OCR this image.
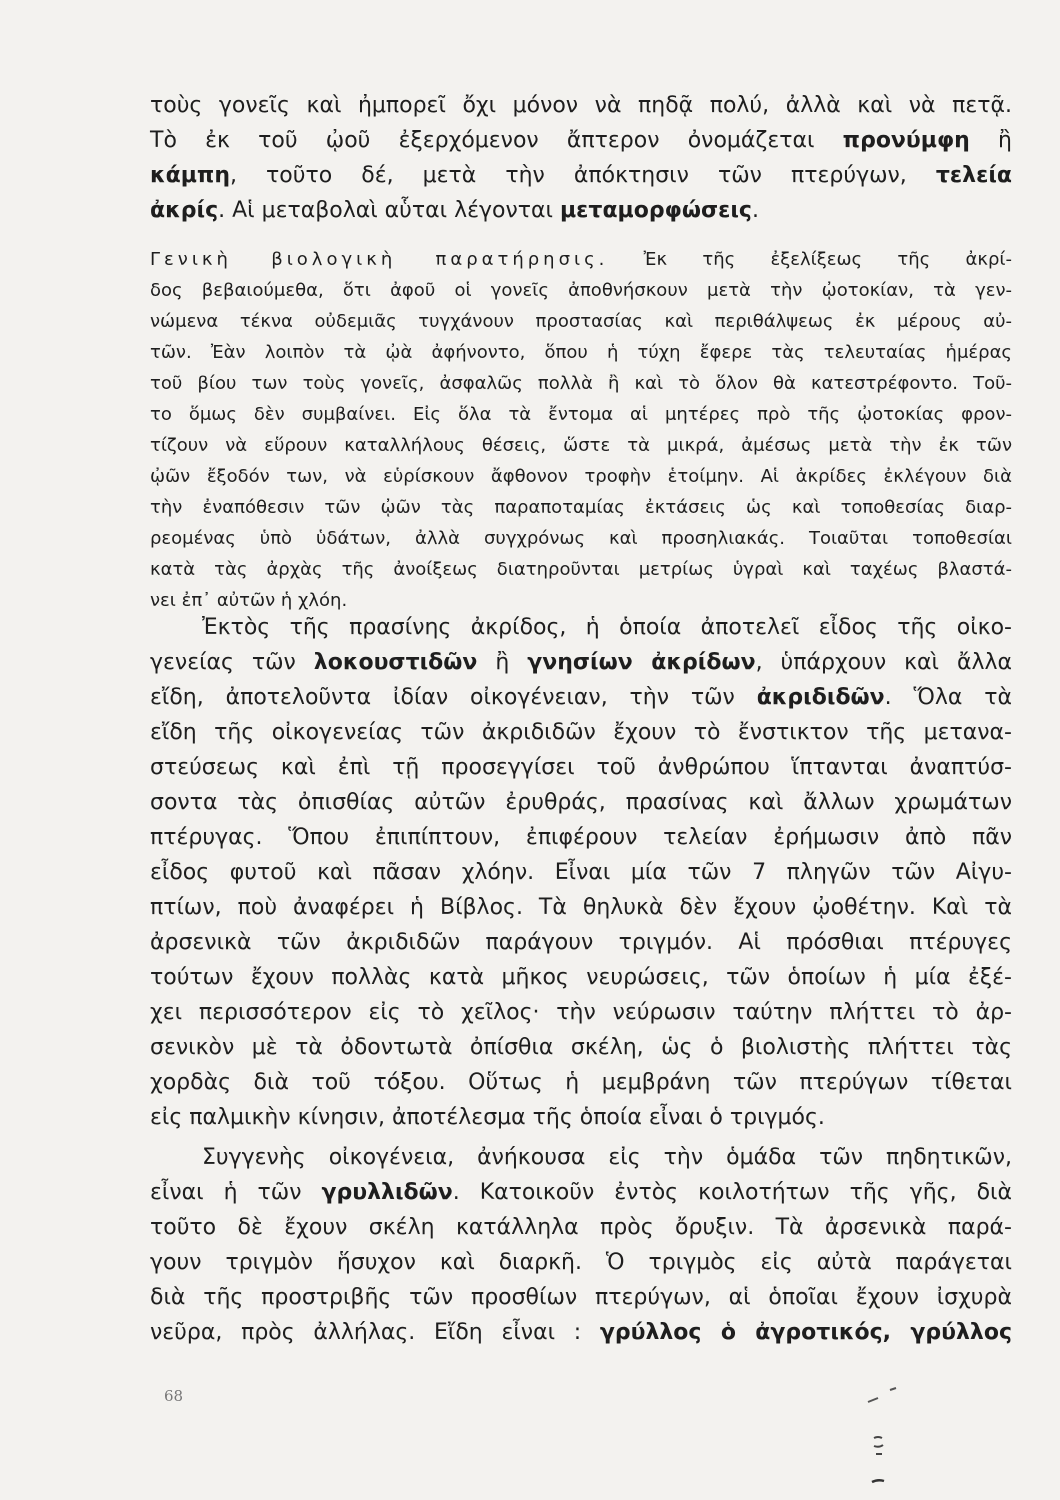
τοὺς γονεῖς καὶ ἠμπορεῖ ὄχι μόνον νὰ πηδᾷ πολύ, ἀλλὰ καὶ νὰ πετᾷ.
Τὸ ἐκ τοῦ ᾠοῦ ἐξερχόμενον ἄπτερον ὀνομάζεται προνύμφη ἢ
κάμπη, τοῦτο δέ, μετὰ τὴν ἀπόκτησιν τῶν πτερύγων, τελεία
ἀκρίς. Αἱ μεταβολαὶ αὗται λέγονται μεταμορφώσεις.
Γενικὴ βιολογικὴ παρατήρησις. Ἐκ τῆς ἐξελίξεως τῆς ἀκρί-
δος βεβαιούμεθα, ὅτι ἀφοῦ οἱ γονεῖς ἀποθνήσκουν μετὰ τὴν ᾠοτοκίαν, τὰ γεν-
νώμενα τέκνα οὐδεμιᾶς τυγχάνουν προστασίας καὶ περιθάλψεως ἐκ μέρους αὐ-
τῶν. Ἐὰν λοιπὸν τὰ ᾠὰ ἀφήνοντο, ὅπου ἡ τύχη ἔφερε τὰς τελευταίας ἡμέρας
τοῦ βίου των τοὺς γονεῖς, ἀσφαλῶς πολλὰ ἢ καὶ τὸ ὅλον θὰ κατεστρέφοντο. Τοῦ-
το ὅμως δὲν συμβαίνει. Εἰς ὅλα τὰ ἔντομα αἱ μητέρες πρὸ τῆς ᾠοτοκίας φρον-
τίζουν νὰ εὕρουν καταλλήλους θέσεις, ὥστε τὰ μικρά, ἀμέσως μετὰ τὴν ἐκ τῶν
ᾠῶν ἔξοδόν των, νὰ εὑρίσκουν ἄφθονον τροφὴν ἑτοίμην. Αἱ ἀκρίδες ἐκλέγουν διὰ
τὴν ἐναπόθεσιν τῶν ᾠῶν τὰς παραποταμίας ἐκτάσεις ὡς καὶ τοποθεσίας διαρ-
ρεομένας ὑπὸ ὑδάτων, ἀλλὰ συγχρόνως καὶ προσηλιακάς. Τοιαῦται τοποθεσίαι
κατὰ τὰς ἀρχὰς τῆς ἀνοίξεως διατηροῦνται μετρίως ὑγραὶ καὶ ταχέως βλαστά-
νει ἐπ᾽ αὐτῶν ἡ χλόη.
Ἐκτὸς τῆς πρασίνης ἀκρίδος, ἡ ὁποία ἀποτελεῖ εἶδος τῆς οἰκο-
γενείας τῶν λοκουστιδῶν ἢ γνησίων ἀκρίδων, ὑπάρχουν καὶ ἄλλα
εἴδη, ἀποτελοῦντα ἰδίαν οἰκογένειαν, τὴν τῶν ἀκριδιδῶν. Ὅλα τὰ
εἴδη τῆς οἰκογενείας τῶν ἀκριδιδῶν ἔχουν τὸ ἔνστικτον τῆς μετανα-
στεύσεως καὶ ἐπὶ τῇ προσεγγίσει τοῦ ἀνθρώπου ἵπτανται ἀναπτύσ-
σοντα τὰς ὀπισθίας αὐτῶν ἐρυθράς, πρασίνας καὶ ἄλλων χρωμάτων
πτέρυγας. Ὅπου ἐπιπίπτουν, ἐπιφέρουν τελείαν ἐρήμωσιν ἀπὸ πᾶν
εἶδος φυτοῦ καὶ πᾶσαν χλόην. Εἶναι μία τῶν 7 πληγῶν τῶν Αἰγυ-
πτίων, ποὺ ἀναφέρει ἡ Βίβλος. Τὰ θηλυκὰ δὲν ἔχουν ᾠοθέτην. Καὶ τὰ
ἀρσενικὰ τῶν ἀκριδιδῶν παράγουν τριγμόν. Αἱ πρόσθιαι πτέρυγες
τούτων ἔχουν πολλὰς κατὰ μῆκος νευρώσεις, τῶν ὁποίων ἡ μία ἐξέ-
χει περισσότερον εἰς τὸ χεῖλος· τὴν νεύρωσιν ταύτην πλήττει τὸ ἀρ-
σενικὸν μὲ τὰ ὀδοντωτὰ ὀπίσθια σκέλη, ὡς ὁ βιολιστὴς πλήττει τὰς
χορδὰς διὰ τοῦ τόξου. Οὕτως ἡ μεμβράνη τῶν πτερύγων τίθεται
εἰς παλμικὴν κίνησιν, ἀποτέλεσμα τῆς ὁποία εἶναι ὁ τριγμός.
Συγγενὴς οἰκογένεια, ἀνήκουσα εἰς τὴν ὁμάδα τῶν πηδητικῶν,
εἶναι ἡ τῶν γρυλλιδῶν. Κατοικοῦν ἐντὸς κοιλοτήτων τῆς γῆς, διὰ
τοῦτο δὲ ἔχουν σκέλη κατάλληλα πρὸς ὄρυξιν. Τὰ ἀρσενικὰ παρά-
γουν τριγμὸν ἥσυχον καὶ διαρκῆ. Ὁ τριγμὸς εἰς αὐτὰ παράγεται
διὰ τῆς προστριβῆς τῶν προσθίων πτερύγων, αἱ ὁποῖαι ἔχουν ἰσχυρὰ
νεῦρα, πρὸς ἀλλήλας. Εἴδη εἶναι : γρύλλος ὁ ἀγροτικός, γρύλλος
68
